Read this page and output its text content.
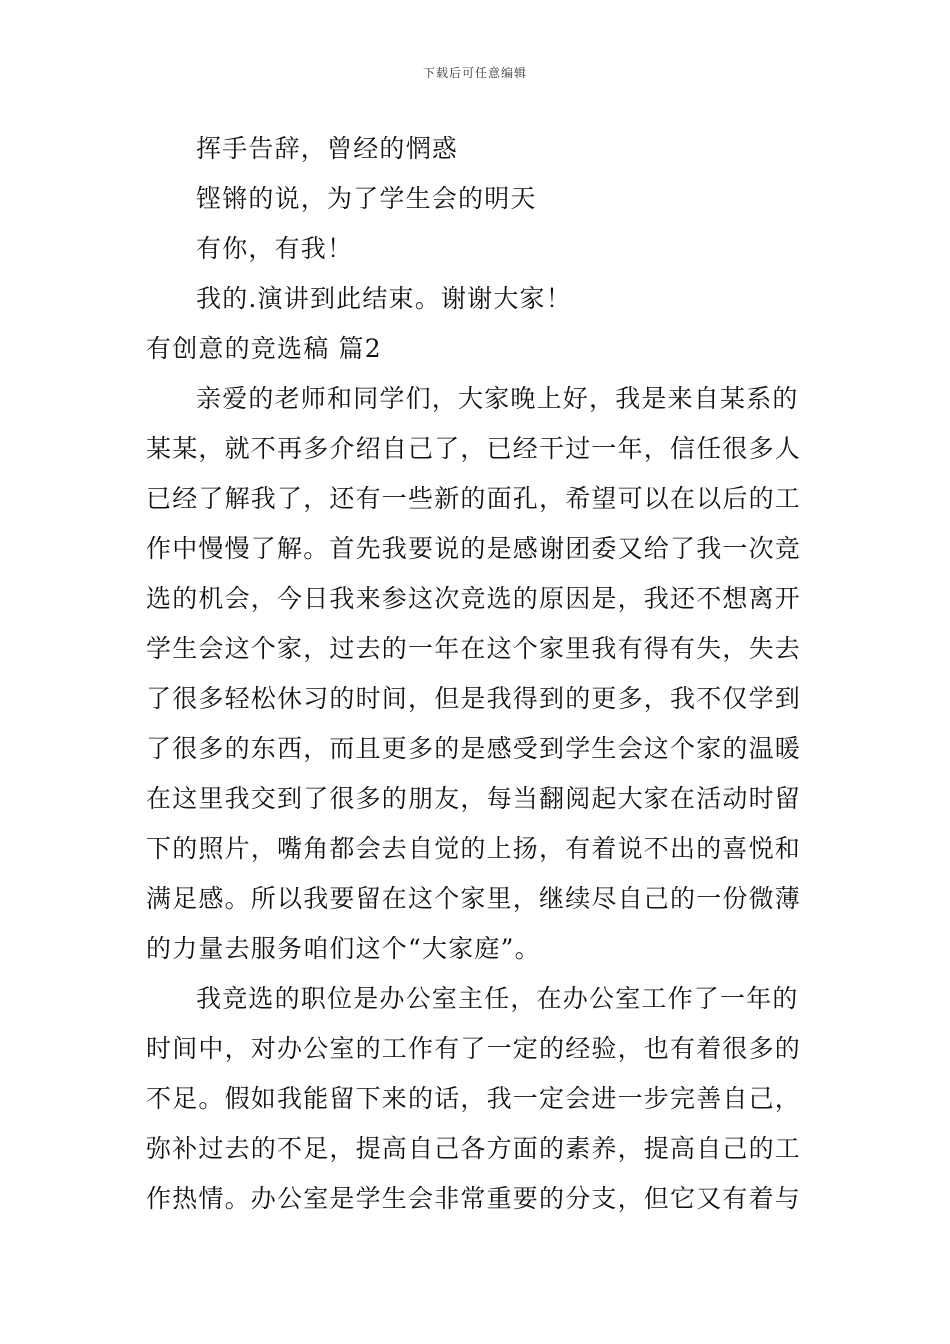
下载后可任意编辑
挥手告辞，曾经的惘惑
铿锵的说，为了学生会的明天
有你，有我！
我的.演讲到此结束。谢谢大家！
有创意的竞选稿 篇2
亲爱的老师和同学们，大家晚上好，我是来自某系的
某某，就不再多介绍自己了，已经干过一年，信任很多人
已经了解我了，还有一些新的面孔，希望可以在以后的工
作中慢慢了解。首先我要说的是感谢团委又给了我一次竞
选的机会，今日我来参这次竞选的原因是，我还不想离开
学生会这个家，过去的一年在这个家里我有得有失，失去
了很多轻松休习的时间，但是我得到的更多，我不仅学到
了很多的东西，而且更多的是感受到学生会这个家的温暖
在这里我交到了很多的朋友，每当翻阅起大家在活动时留
下的照片，嘴角都会去自觉的上扬，有着说不出的喜悦和
满足感。所以我要留在这个家里，继续尽自己的一份微薄
的力量去服务咱们这个“大家庭”。
我竞选的职位是办公室主任，在办公室工作了一年的
时间中，对办公室的工作有了一定的经验，也有着很多的
不足。假如我能留下来的话，我一定会进一步完善自己，
弥补过去的不足，提高自己各方面的素养，提高自己的工
作热情。办公室是学生会非常重要的分支，但它又有着与
